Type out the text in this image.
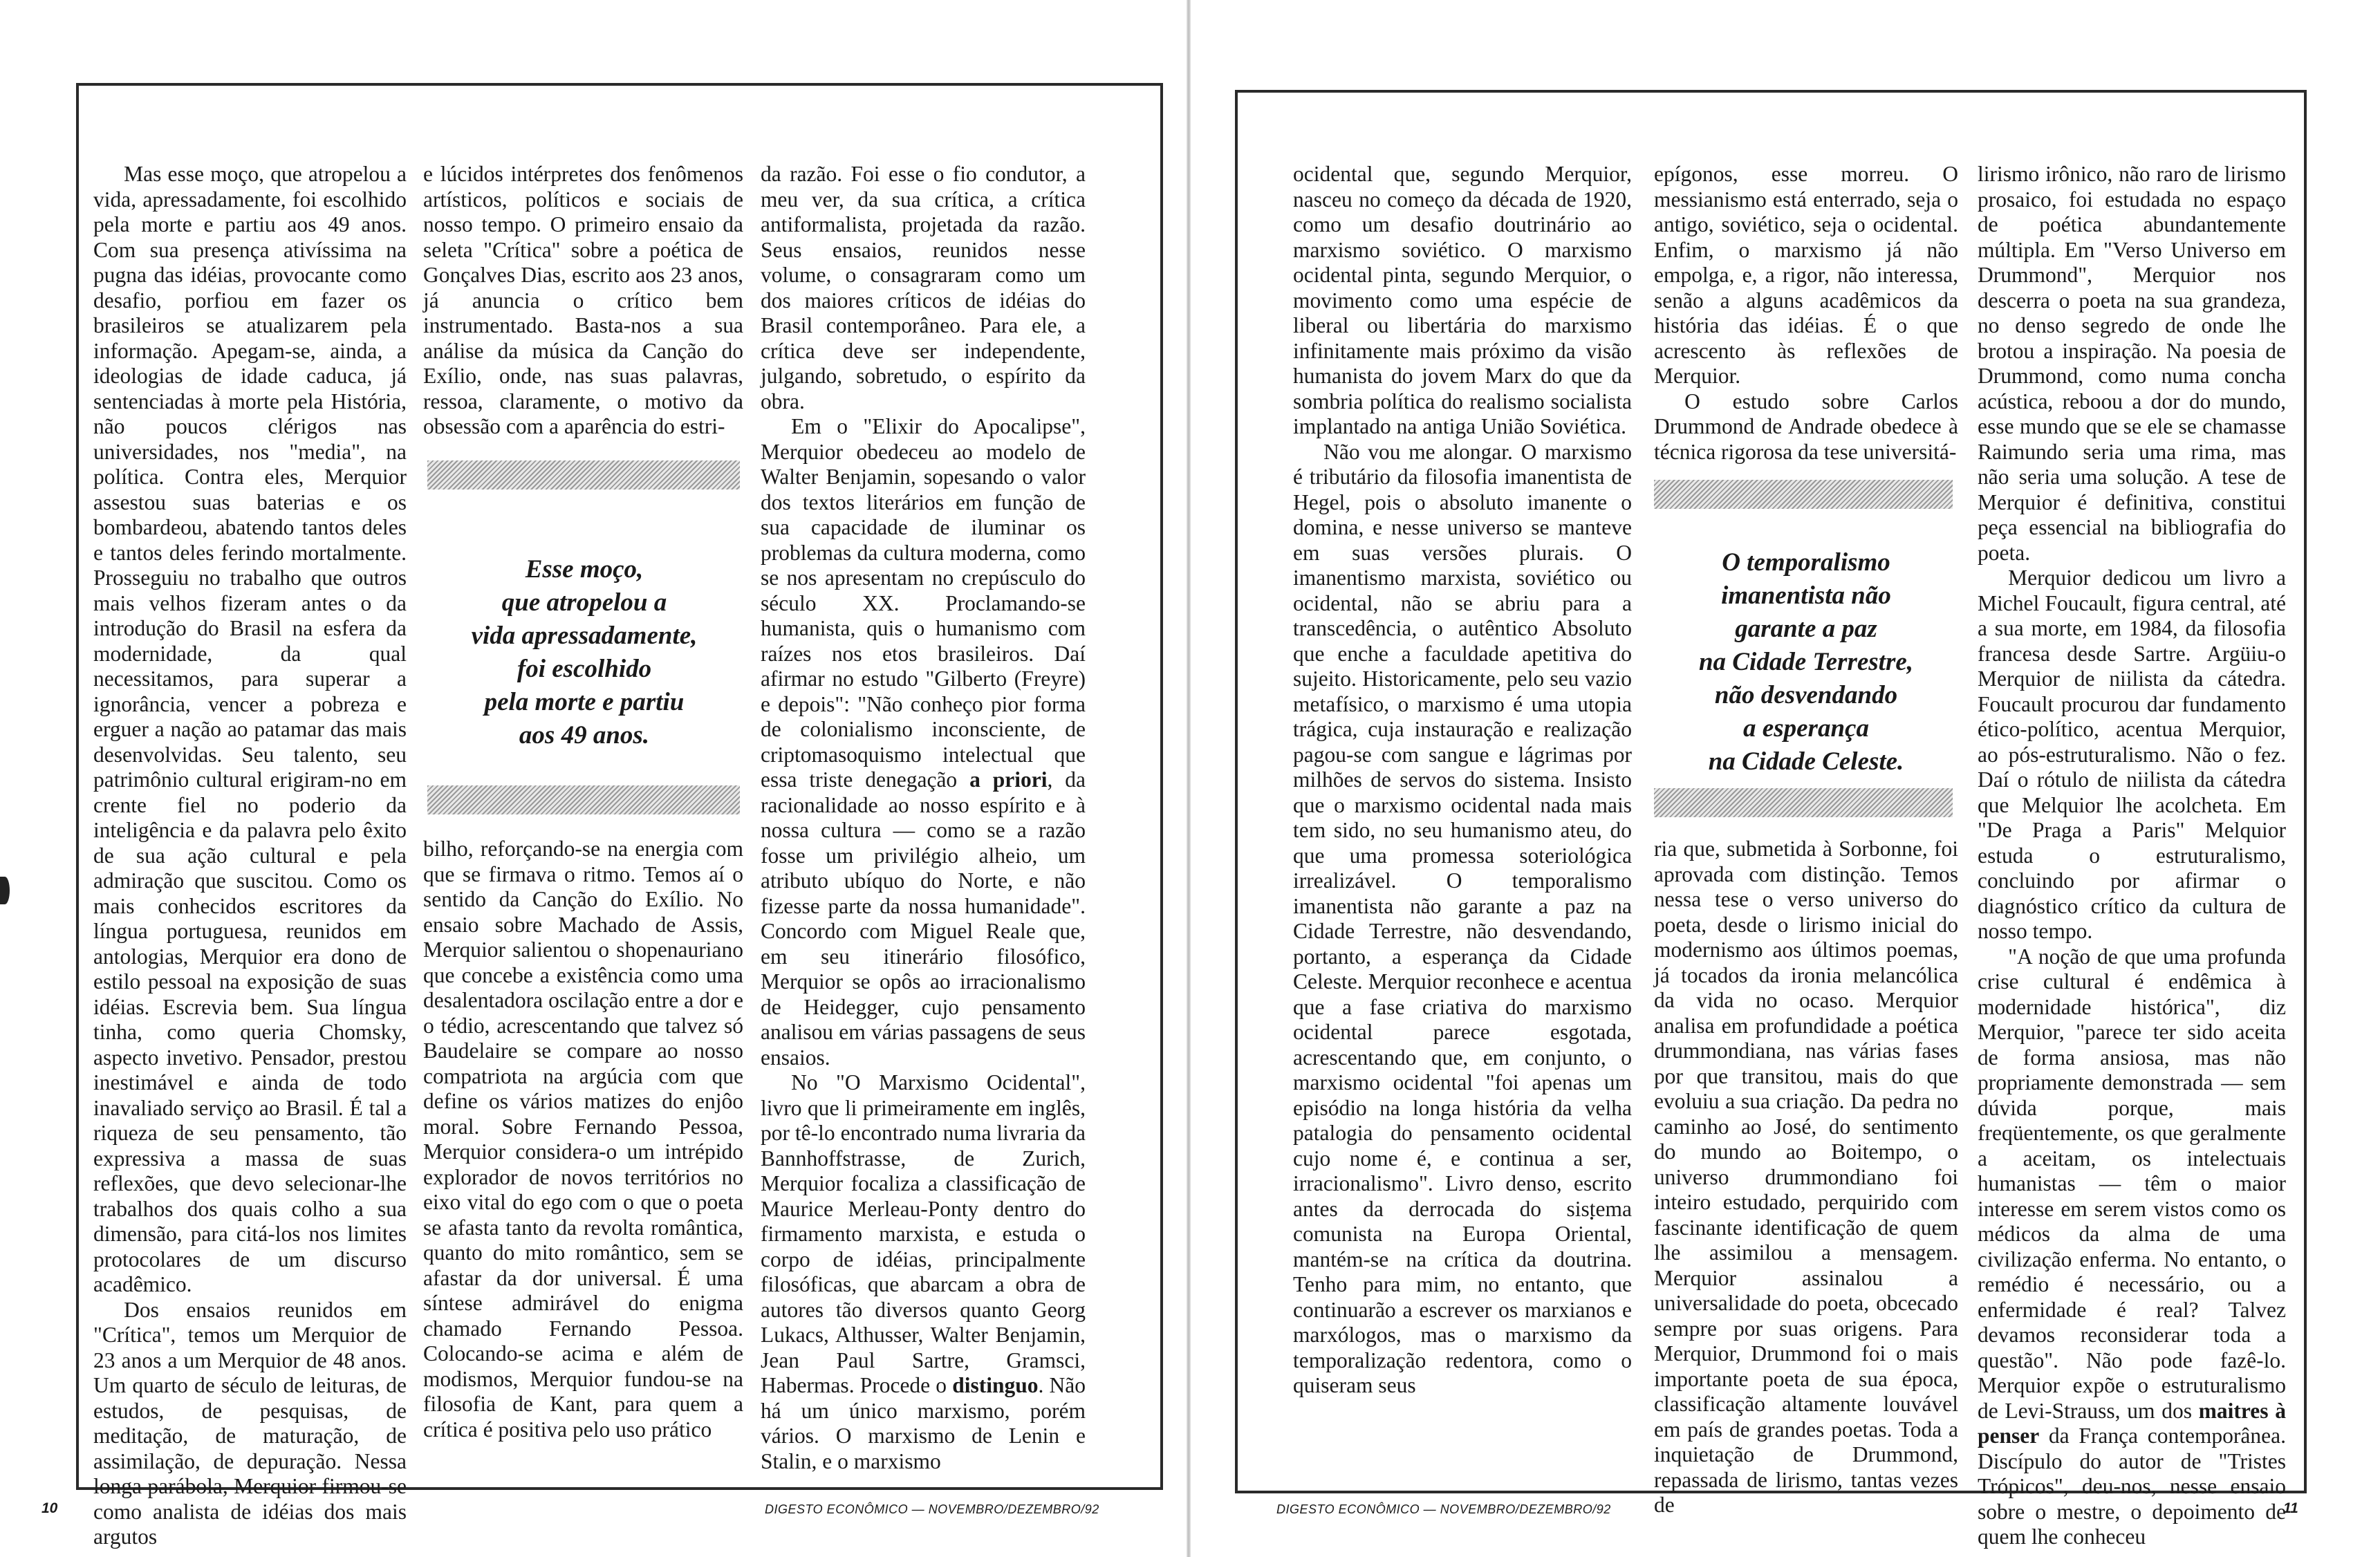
Mas esse moço, que atropelou a vida, apressadamente, foi escolhido pela morte e partiu aos 49 anos. Com sua presença ativíssima na pugna das idéias, provocante como desafio, porfiou em fazer os brasileiros se atualizarem pela informação. Apegam-se, ainda, a ideologias de idade caduca, já sentenciadas à morte pela História, não poucos clérigos nas universidades, nos "media", na política. Contra eles, Merquior assestou suas baterias e os bombardeou, abatendo tantos deles e tantos deles ferindo mortalmente. Prosseguiu no trabalho que outros mais velhos fizeram antes o da introdução do Brasil na esfera da modernidade, da qual necessitamos, para superar a ignorância, vencer a pobreza e erguer a nação ao patamar das mais desenvolvidas. Seu talento, seu patrimônio cultural erigiram-no em crente fiel no poderio da inteligência e da palavra pelo êxito de sua ação cultural e pela admiração que suscitou. Como os mais conhecidos escritores da língua portuguesa, reunidos em antologias, Merquior era dono de estilo pessoal na exposição de suas idéias. Escrevia bem. Sua língua tinha, como queria Chomsky, aspecto invetivo. Pensador, prestou inestimável e ainda de todo inavaliado serviço ao Brasil. É tal a riqueza de seu pensamento, tão expressiva a massa de suas reflexões, que devo selecionar-lhe trabalhos dos quais colho a sua dimensão, para citá-los nos limites protocolares de um discurso acadêmico.

Dos ensaios reunidos em "Crítica", temos um Merquior de 23 anos a um Merquior de 48 anos. Um quarto de século de leituras, de estudos, de pesquisas, de meditação, de maturação, de assimilação, de depuração. Nessa longa parábola, Merquior firmou-se como analista de idéias dos mais argutos

e lúcidos intérpretes dos fenômenos artísticos, políticos e sociais de nosso tempo. O primeiro ensaio da seleta "Crítica" sobre a poética de Gonçalves Dias, escrito aos 23 anos, já anuncia o crítico bem instrumentado. Basta-nos a sua análise da música da Canção do Exílio, onde, nas suas palavras, ressoa, claramente, o motivo da obsessão com a aparência do estri-

Esse moço,
que atropelou a
vida apressadamente,
foi escolhido
pela morte e partiu
aos 49 anos.

bilho, reforçando-se na energia com que se firmava o ritmo. Temos aí o sentido da Canção do Exílio. No ensaio sobre Machado de Assis, Merquior salientou o shopenauriano que concebe a existência como uma desalentadora oscilação entre a dor e o tédio, acrescentando que talvez só Baudelaire se compare ao nosso compatriota na argúcia com que define os vários matizes do enjôo moral. Sobre Fernando Pessoa, Merquior considera-o um intrépido explorador de novos territórios no eixo vital do ego com o que o poeta se afasta tanto da revolta romântica, quanto do mito romântico, sem se afastar da dor universal. É uma síntese admirável do enigma chamado Fernando Pessoa. Colocando-se acima e além de modismos, Merquior fundou-se na filosofia de Kant, para quem a crítica é positiva pelo uso prático

da razão. Foi esse o fio condutor, a meu ver, da sua crítica, a crítica antiformalista, projetada da razão. Seus ensaios, reunidos nesse volume, o consagraram como um dos maiores críticos de idéias do Brasil contemporâneo. Para ele, a crítica deve ser independente, julgando, sobretudo, o espírito da obra.

Em o "Elixir do Apocalipse", Merquior obedeceu ao modelo de Walter Benjamin, sopesando o valor dos textos literários em função de sua capacidade de iluminar os problemas da cultura moderna, como se nos apresentam no crepúsculo do século XX. Proclamando-se humanista, quis o humanismo com raízes nos etos brasileiros. Daí afirmar no estudo "Gilberto (Freyre) e depois": "Não conheço pior forma de colonialismo inconsciente, de criptomasoquismo intelectual que essa triste denegação a priori, da racionalidade ao nosso espírito e à nossa cultura — como se a razão fosse um privilégio alheio, um atributo ubíquo do Norte, e não fizesse parte da nossa humanidade". Concordo com Miguel Reale que, em seu itinerário filosófico, Merquior se opôs ao irracionalismo de Heidegger, cujo pensamento analisou em várias passagens de seus ensaios.

No "O Marxismo Ocidental", livro que li primeiramente em inglês, por tê-lo encontrado numa livraria da Bannhoffstrasse, de Zurich, Merquior focaliza a classificação de Maurice Merleau-Ponty dentro do firmamento marxista, e estuda o corpo de idéias, principalmente filosóficas, que abarcam a obra de autores tão diversos quanto Georg Lukacs, Althusser, Walter Benjamin, Jean Paul Sartre, Gramsci, Habermas. Procede o distinguo. Não há um único marxismo, porém vários. O marxismo de Lenin e Stalin, e o marxismo

10	DIGESTO ECONÔMICO — NOVEMBRO/DEZEMBRO/92

ocidental que, segundo Merquior, nasceu no começo da década de 1920, como um desafio doutrinário ao marxismo soviético. O marxismo ocidental pinta, segundo Merquior, o movimento como uma espécie de liberal ou libertária do marxismo infinitamente mais próximo da visão humanista do jovem Marx do que da sombria política do realismo socialista implantado na antiga União Soviética.

Não vou me alongar. O marxismo é tributário da filosofia imanentista de Hegel, pois o absoluto imanente o domina, e nesse universo se manteve em suas versões plurais. O imanentismo marxista, soviético ou ocidental, não se abriu para a transcedência, o autêntico Absoluto que enche a faculdade apetitiva do sujeito. Historicamente, pelo seu vazio metafísico, o marxismo é uma utopia trágica, cuja instauração e realização pagou-se com sangue e lágrimas por milhões de servos do sistema. Insisto que o marxismo ocidental nada mais tem sido, no seu humanismo ateu, do que uma promessa soteriológica irrealizável. O temporalismo imanentista não garante a paz na Cidade Terrestre, não desvendando, portanto, a esperança da Cidade Celeste. Merquior reconhece e acentua que a fase criativa do marxismo ocidental parece esgotada, acrescentando que, em conjunto, o marxismo ocidental "foi apenas um episódio na longa história da velha patalogia do pensamento ocidental cujo nome é, e continua a ser, irracionalismo". Livro denso, escrito antes da derrocada do sistema comunista na Europa Oriental, mantém-se na crítica da doutrina. Tenho para mim, no entanto, que continuarão a escrever os marxianos e marxólogos, mas o marxismo da temporalização redentora, como o quiseram seus

epígonos, esse morreu. O messianismo está enterrado, seja o antigo, soviético, seja o ocidental. Enfim, o marxismo já não empolga, e, a rigor, não interessa, senão a alguns acadêmicos da história das idéias. É o que acrescento às reflexões de Merquior.

O estudo sobre Carlos Drummond de Andrade obedece à técnica rigorosa da tese universitá-

O temporalismo
imanentista não
garante a paz
na Cidade Terrestre,
não desvendando
a esperança
na Cidade Celeste.

ria que, submetida à Sorbonne, foi aprovada com distinção. Temos nessa tese o verso universo do poeta, desde o lirismo inicial do modernismo aos últimos poemas, já tocados da ironia melancólica da vida no ocaso. Merquior analisa em profundidade a poética drummondiana, nas várias fases por que transitou, mais do que evoluiu a sua criação. Da pedra no caminho ao José, do sentimento do mundo ao Boitempo, o universo drummondiano foi inteiro estudado, perquirido com fascinante identificação de quem lhe assimilou a mensagem. Merquior assinalou a universalidade do poeta, obcecado sempre por suas origens. Para Merquior, Drummond foi o mais importante poeta de sua época, classificação altamente louvável em país de grandes poetas. Toda a inquietação de Drummond, repassada de lirismo, tantas vezes de

lirismo irônico, não raro de lirismo prosaico, foi estudada no espaço de poética abundantemente múltipla. Em "Verso Universo em Drummond", Merquior nos descerra o poeta na sua grandeza, no denso segredo de onde lhe brotou a inspiração. Na poesia de Drummond, como numa concha acústica, reboou a dor do mundo, esse mundo que se ele se chamasse Raimundo seria uma rima, mas não seria uma solução. A tese de Merquior é definitiva, constitui peça essencial na bibliografia do poeta.

Merquior dedicou um livro a Michel Foucault, figura central, até a sua morte, em 1984, da filosofia francesa desde Sartre. Argüiu-o Merquior de niilista da cátedra. Foucault procurou dar fundamento ético-político, acentua Merquior, ao pós-estruturalismo. Não o fez. Daí o rótulo de niilista da cátedra que Melquior lhe acolcheta. Em "De Praga a Paris" Melquior estuda o estruturalismo, concluindo por afirmar o diagnóstico crítico da cultura de nosso tempo.

"A noção de que uma profunda crise cultural é endêmica à modernidade histórica", diz Merquior, "parece ter sido aceita de forma ansiosa, mas não propriamente demonstrada — sem dúvida porque, mais freqüentemente, os que geralmente a aceitam, os intelectuais humanistas — têm o maior interesse em serem vistos como os médicos da alma de uma civilização enferma. No entanto, o remédio é necessário, ou a enfermidade é real? Talvez devamos reconsiderar toda a questão". Não pode fazê-lo. Merquior expõe o estruturalismo de Levi-Strauss, um dos maitres à penser da França contemporânea. Discípulo do autor de "Tristes Trópicos", deu-nos, nesse ensaio sobre o mestre, o depoimento de quem lhe conheceu

DIGESTO ECONÔMICO — NOVEMBRO/DEZEMBRO/92	11
